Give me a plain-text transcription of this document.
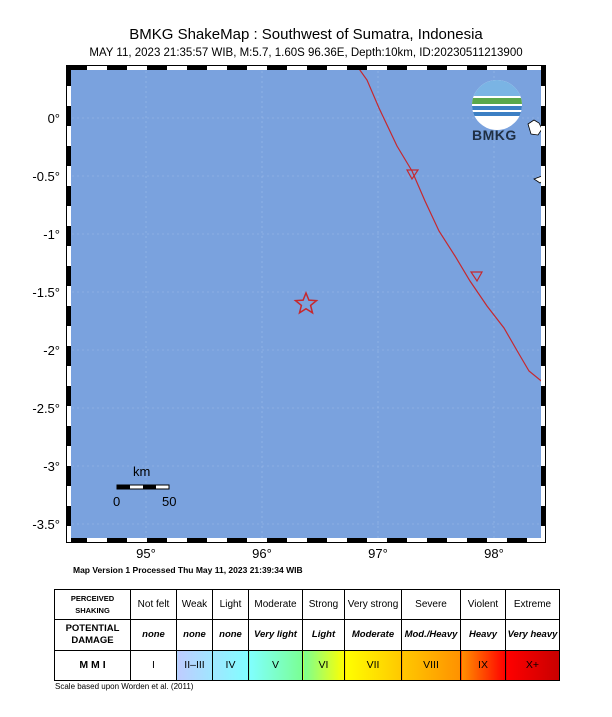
BMKG ShakeMap : Southwest of Sumatra, Indonesia
MAY 11, 2023 21:35:57 WIB, M:5.7, 1.60S 96.36E, Depth:10km, ID:20230511213900
BMKG
0°
-0.5°
-1°
-1.5°
-2°
-2.5°
-3°
-3.5°
95°	96°	97°	98°
km
0	50
Map Version 1 Processed Thu May 11, 2023 21:39:34 WIB
PERCEIVED SHAKING	Not felt	Weak	Light	Moderate	Strong	Very strong	Severe	Violent	Extreme
POTENTIAL DAMAGE	none	none	none	Very light	Light	Moderate	Mod./Heavy	Heavy	Very heavy
M M I	I	II–III	IV	V	VI	VII	VIII	IX	X+
Scale based upon Worden et al. (2011)
